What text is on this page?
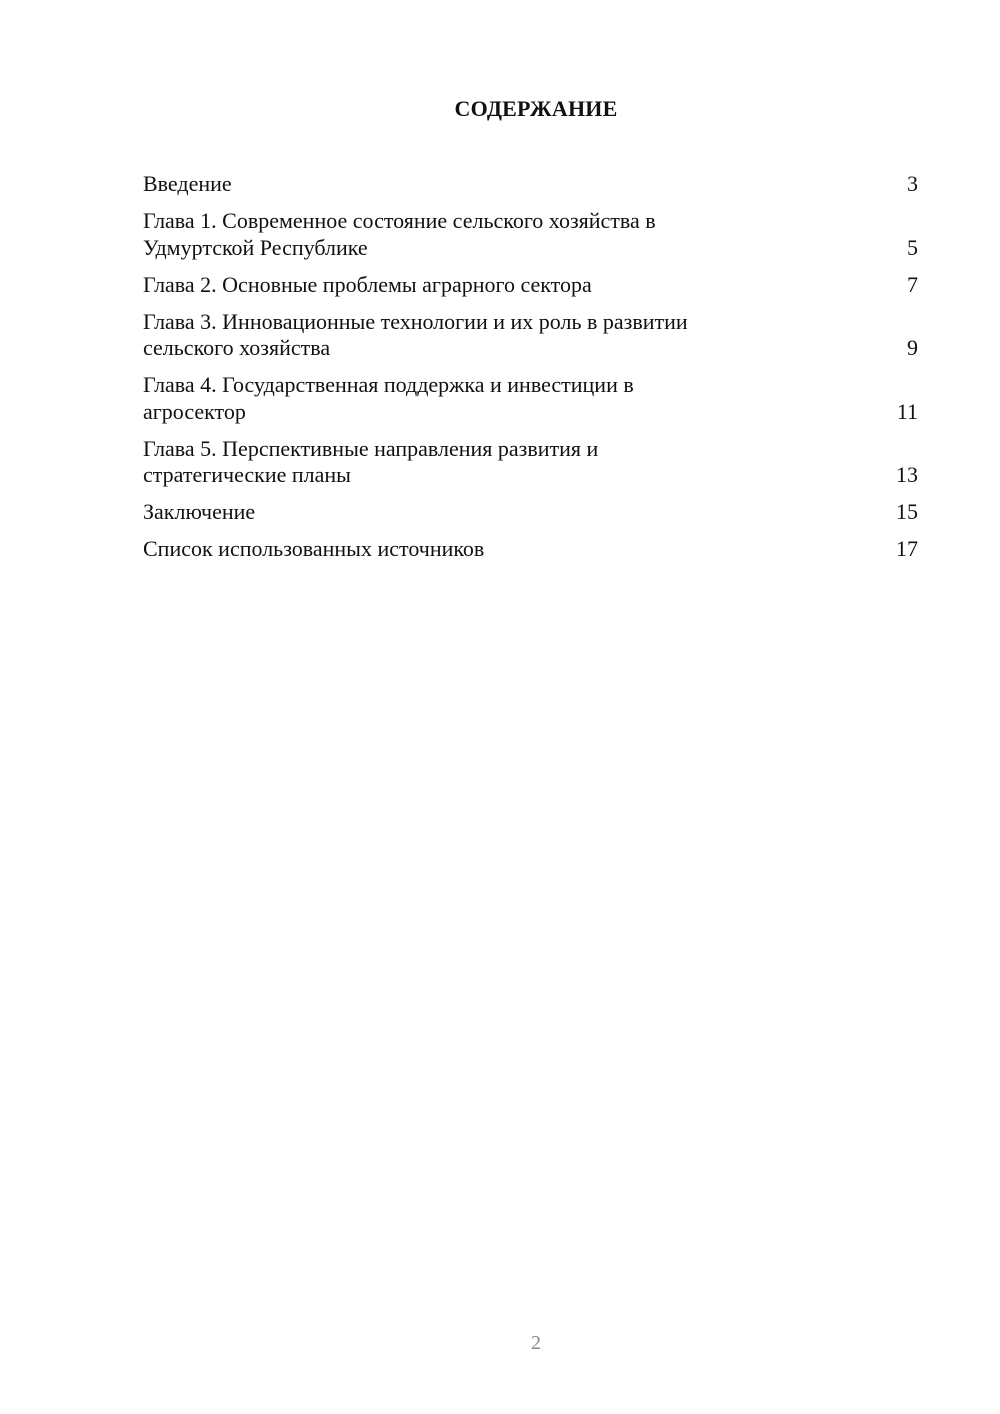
СОДЕРЖАНИЕ
Введение	3
Глава 1. Современное состояние сельского хозяйства в
Удмуртской Республике	5
Глава 2. Основные проблемы аграрного сектора	7
Глава 3. Инновационные технологии и их роль в развитии
сельского хозяйства	9
Глава 4. Государственная поддержка и инвестиции в
агросектор	11
Глава 5. Перспективные направления развития и
стратегические планы	13
Заключение	15
Список использованных источников	17
2
